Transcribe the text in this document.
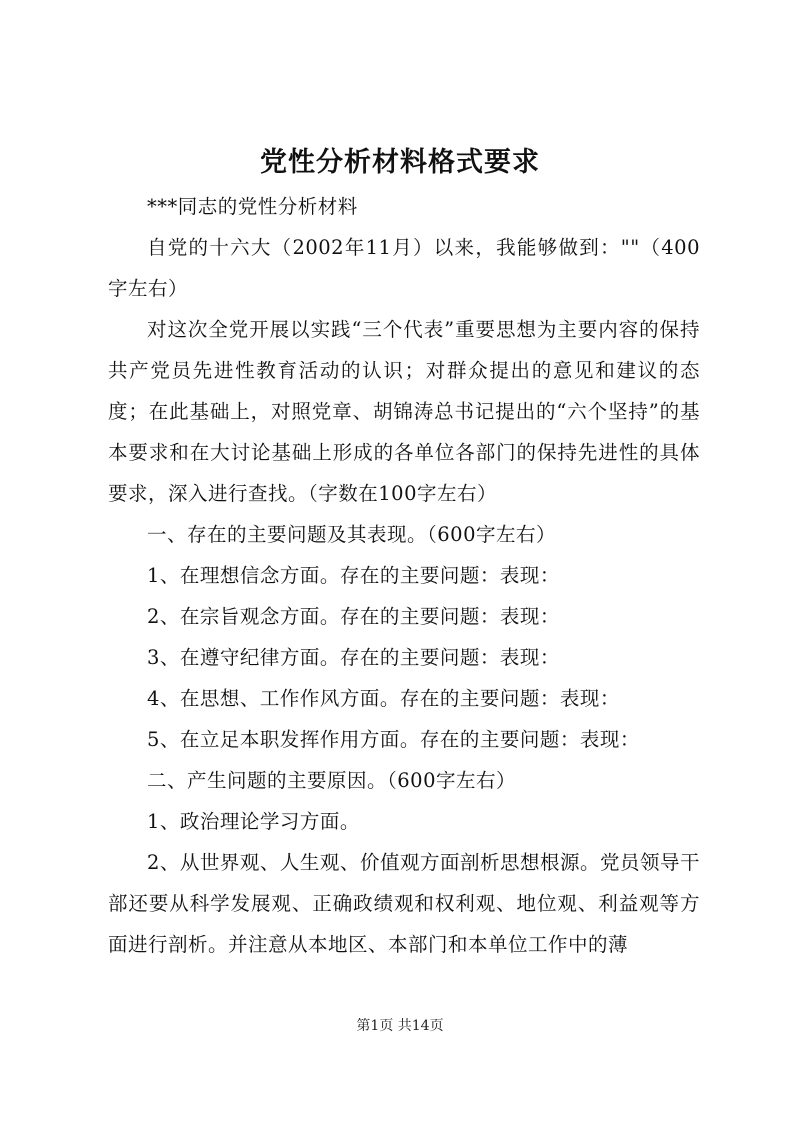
党性分析材料格式要求

***同志的党性分析材料

自党的十六大（2002年11月）以来，我能够做到：""（400字左右）

对这次全党开展以实践“三个代表”重要思想为主要内容的保持共产党员先进性教育活动的认识；对群众提出的意见和建议的态度；在此基础上，对照党章、胡锦涛总书记提出的“六个坚持”的基本要求和在大讨论基础上形成的各单位各部门的保持先进性的具体要求，深入进行查找。（字数在100字左右）

一、存在的主要问题及其表现。（600字左右）

1、在理想信念方面。存在的主要问题：表现：

2、在宗旨观念方面。存在的主要问题：表现：

3、在遵守纪律方面。存在的主要问题：表现：

4、在思想、工作作风方面。存在的主要问题：表现：

5、在立足本职发挥作用方面。存在的主要问题：表现：

二、产生问题的主要原因。（600字左右）

1、政治理论学习方面。

2、从世界观、人生观、价值观方面剖析思想根源。党员领导干部还要从科学发展观、正确政绩观和权利观、地位观、利益观等方面进行剖析。并注意从本地区、本部门和本单位工作中的薄

第1页 共14页
